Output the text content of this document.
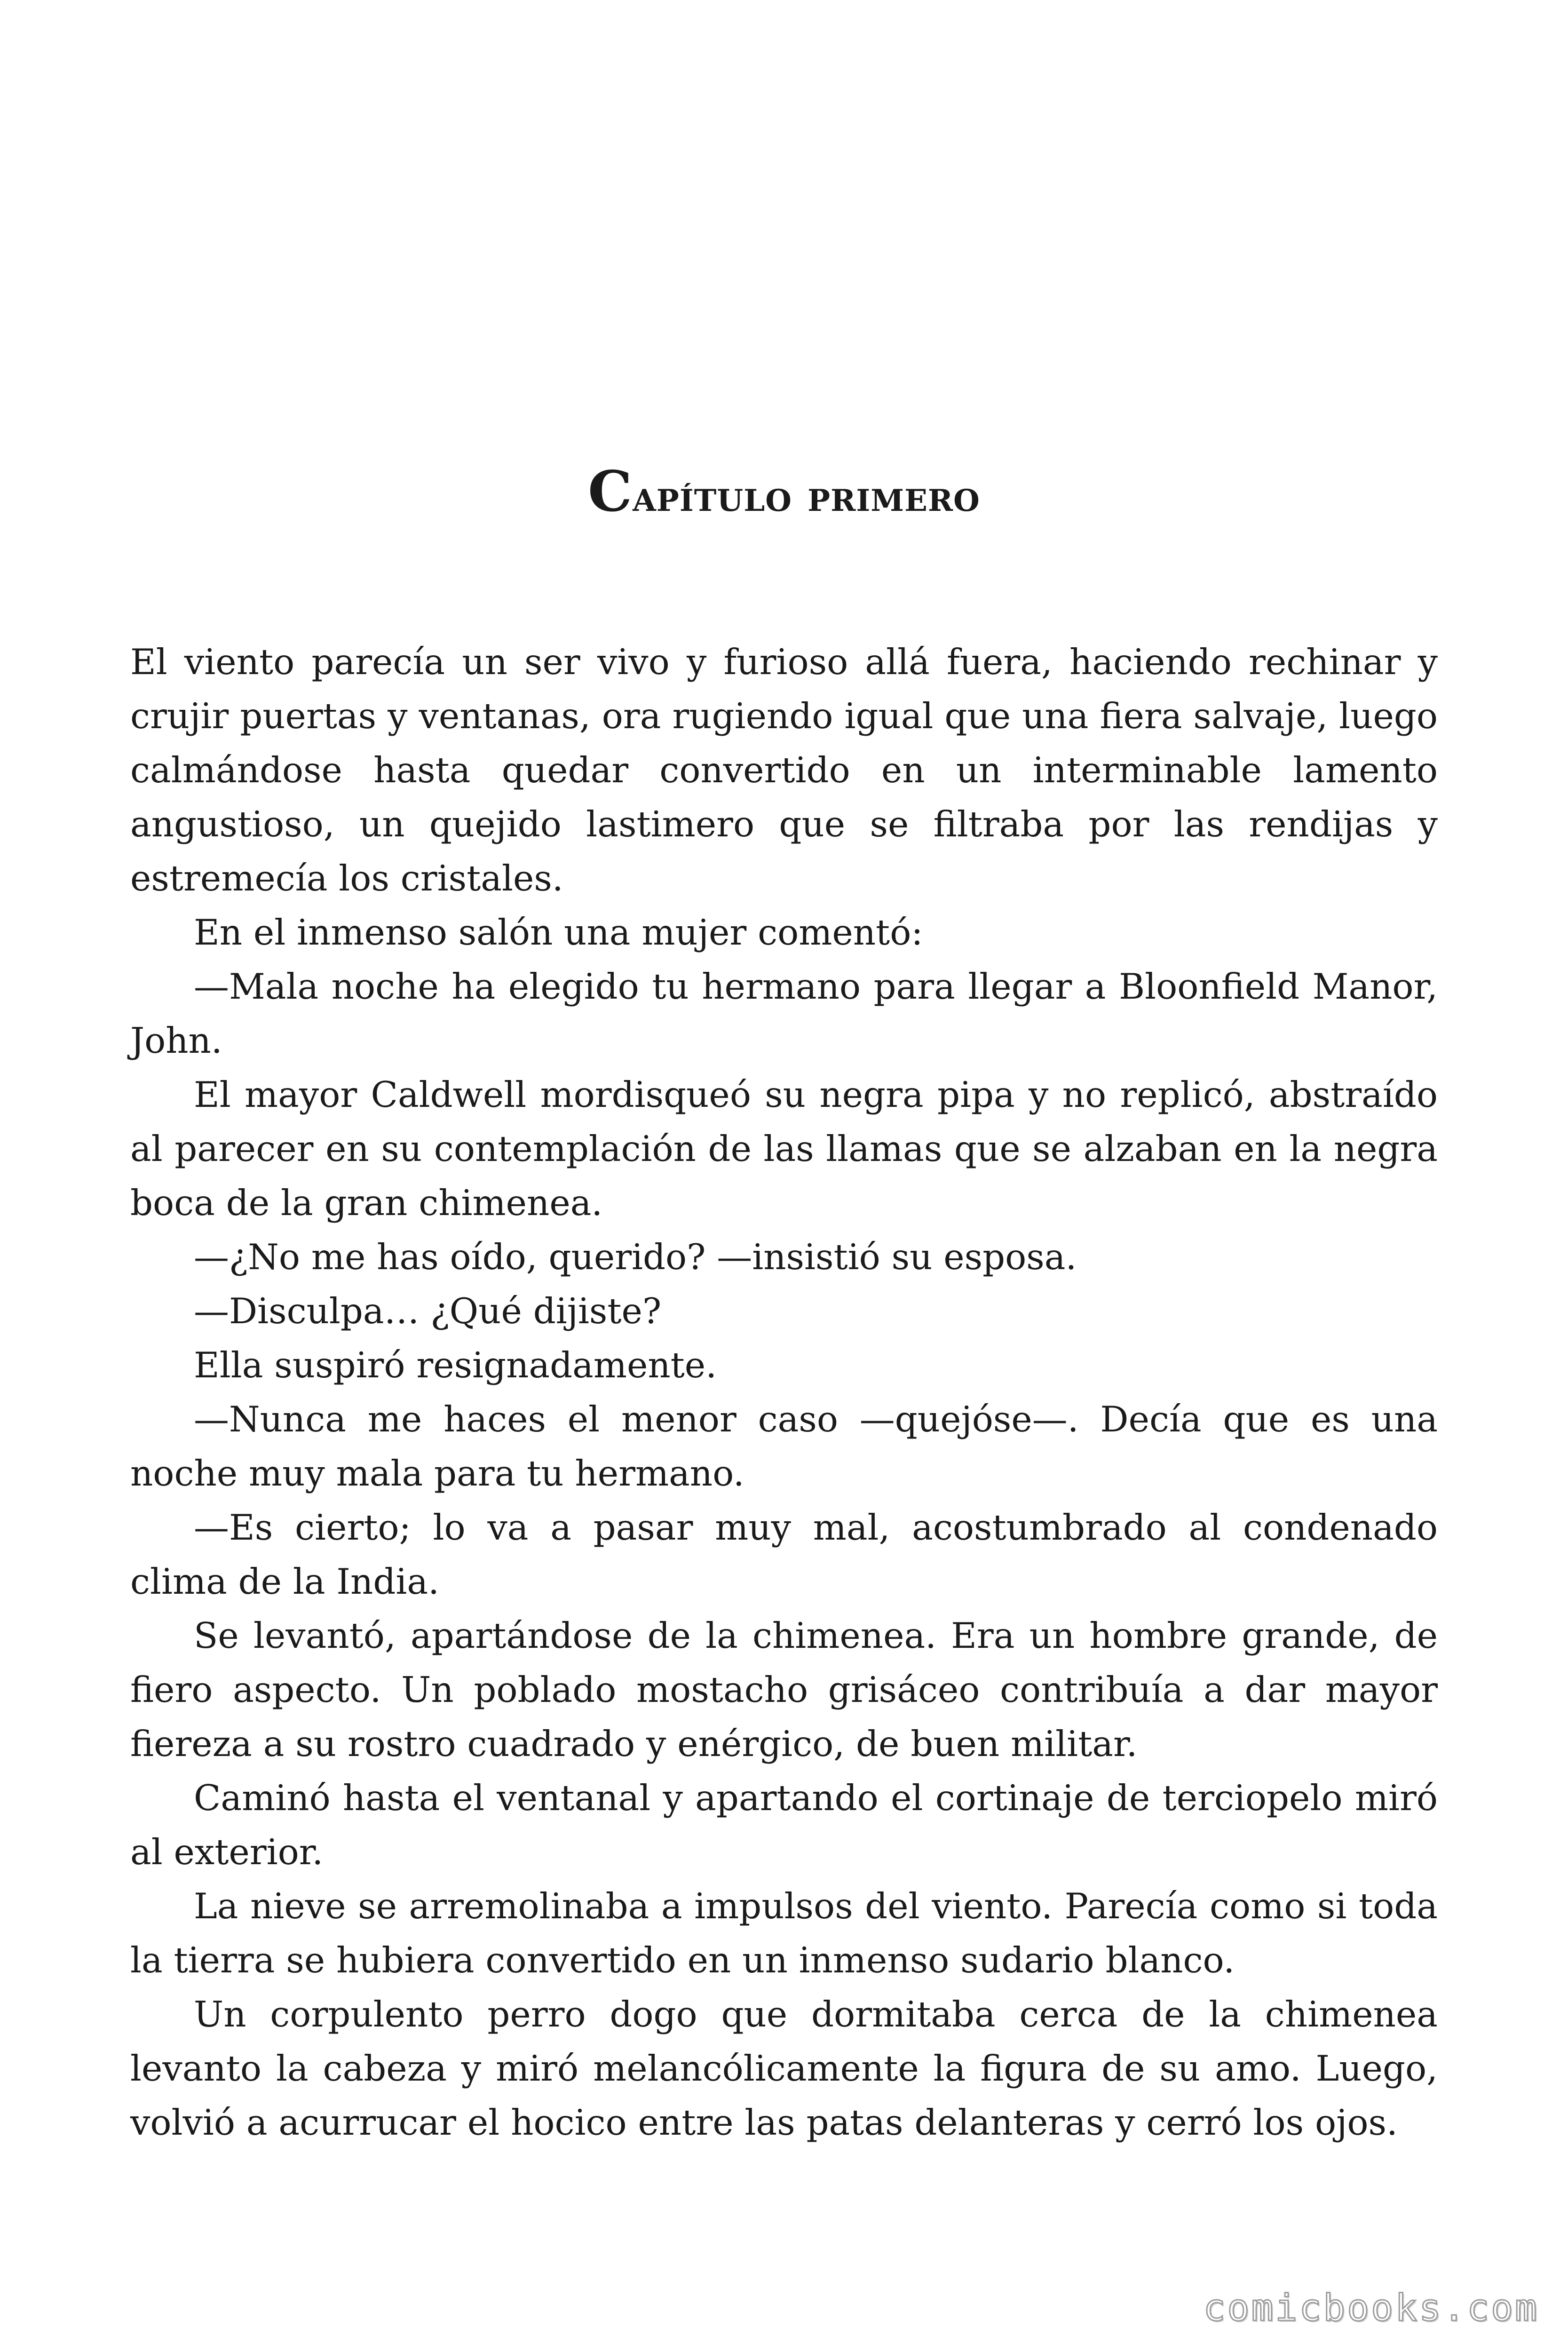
Capítulo primero

El viento parecía un ser vivo y furioso allá fuera, haciendo rechinar y crujir puertas y ventanas, ora rugiendo igual que una fiera salvaje, luego calmándose hasta quedar convertido en un interminable lamento angustioso, un quejido lastimero que se filtraba por las rendijas y estremecía los cristales.

En el inmenso salón una mujer comentó:

—Mala noche ha elegido tu hermano para llegar a Bloonfield Manor, John.

El mayor Caldwell mordisqueó su negra pipa y no replicó, abstraído al parecer en su contemplación de las llamas que se alzaban en la negra boca de la gran chimenea.

—¿No me has oído, querido? —insistió su esposa.

—Disculpa… ¿Qué dijiste?

Ella suspiró resignadamente.

—Nunca me haces el menor caso —quejóse—. Decía que es una noche muy mala para tu hermano.

—Es cierto; lo va a pasar muy mal, acostumbrado al condenado clima de la India.

Se levantó, apartándose de la chimenea. Era un hombre grande, de fiero aspecto. Un poblado mostacho grisáceo contribuía a dar mayor fiereza a su rostro cuadrado y enérgico, de buen militar.

Caminó hasta el ventanal y apartando el cortinaje de terciopelo miró al exterior.

La nieve se arremolinaba a impulsos del viento. Parecía como si toda la tierra se hubiera convertido en un inmenso sudario blanco.

Un corpulento perro dogo que dormitaba cerca de la chimenea levanto la cabeza y miró melancólicamente la figura de su amo. Luego, volvió a acurrucar el hocico entre las patas delanteras y cerró los ojos.

comicbooks.com
